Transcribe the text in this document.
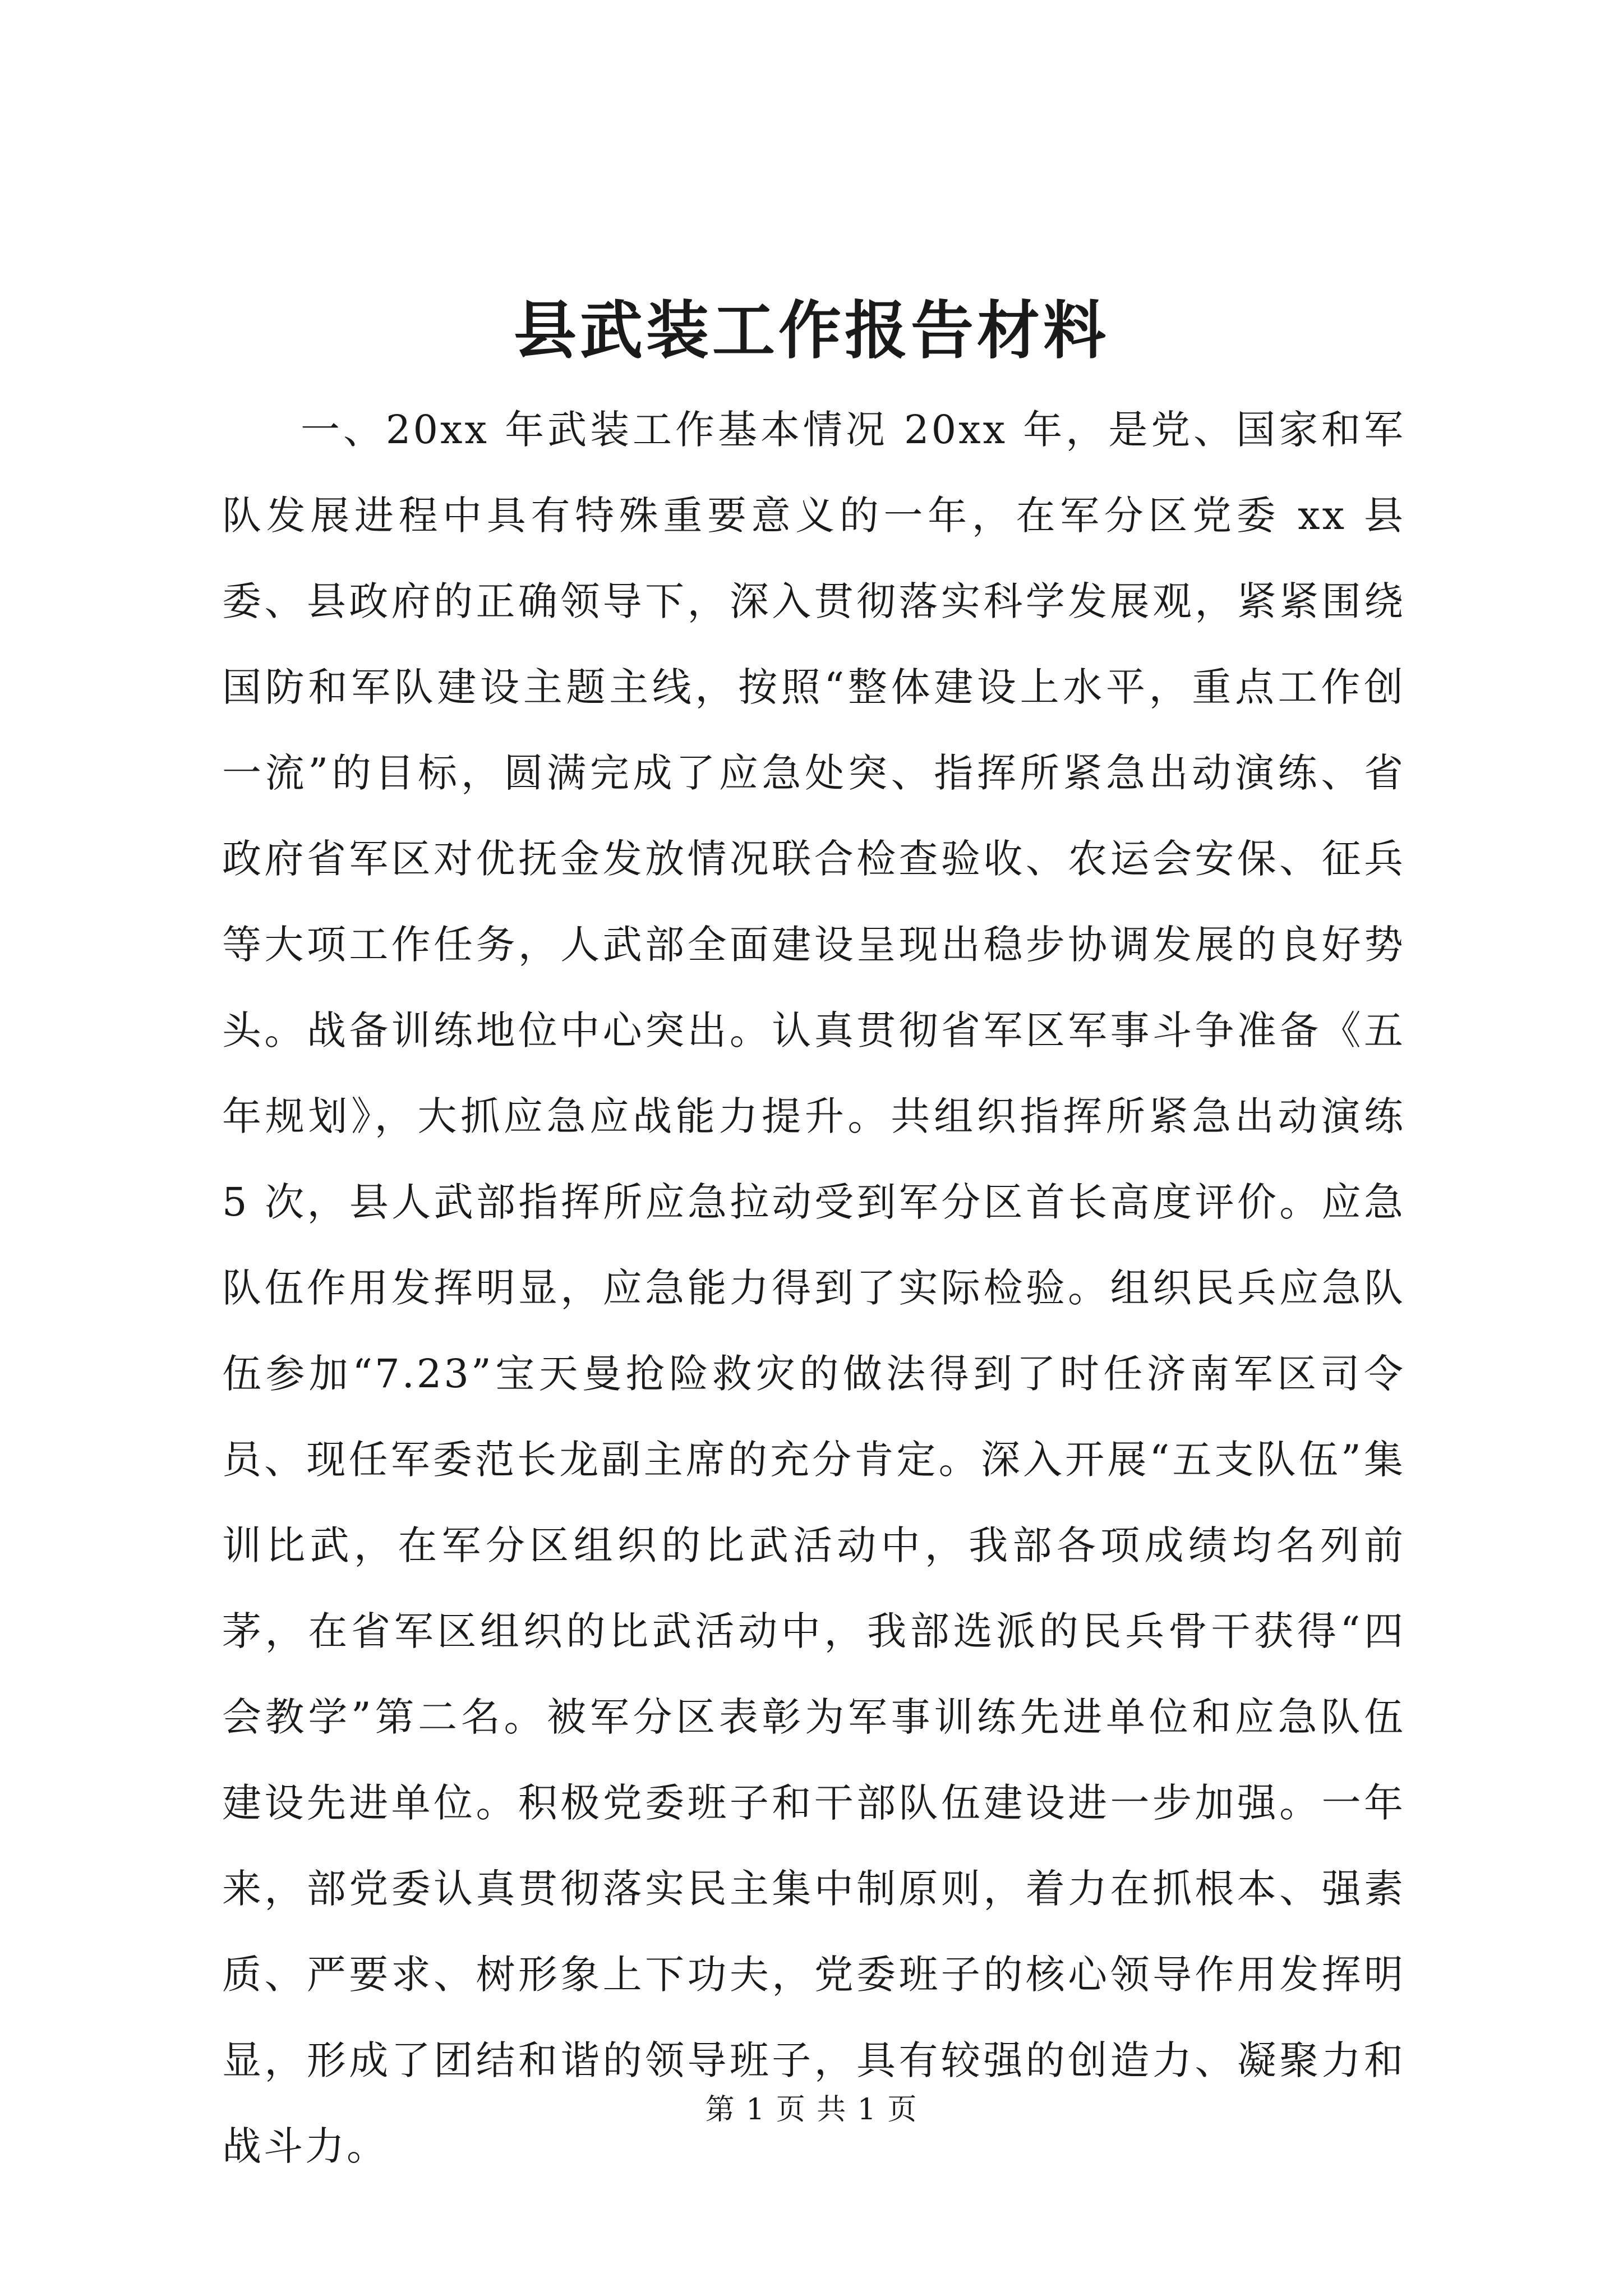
县武装工作报告材料

一、20xx 年武装工作基本情况 20xx 年，是党、国家和军队发展进程中具有特殊重要意义的一年，在军分区党委 xx 县委、县政府的正确领导下，深入贯彻落实科学发展观，紧紧围绕国防和军队建设主题主线，按照“整体建设上水平，重点工作创一流”的目标，圆满完成了应急处突、指挥所紧急出动演练、省政府省军区对优抚金发放情况联合检查验收、农运会安保、征兵等大项工作任务，人武部全面建设呈现出稳步协调发展的良好势头。战备训练地位中心突出。认真贯彻省军区军事斗争准备《五年规划》，大抓应急应战能力提升。共组织指挥所紧急出动演练 5 次，县人武部指挥所应急拉动受到军分区首长高度评价。应急队伍作用发挥明显，应急能力得到了实际检验。组织民兵应急队伍参加“7.23”宝天曼抢险救灾的做法得到了时任济南军区司令员、现任军委范长龙副主席的充分肯定。深入开展“五支队伍”集训比武，在军分区组织的比武活动中，我部各项成绩均名列前茅，在省军区组织的比武活动中，我部选派的民兵骨干获得“四会教学”第二名。被军分区表彰为军事训练先进单位和应急队伍建设先进单位。积极党委班子和干部队伍建设进一步加强。一年来，部党委认真贯彻落实民主集中制原则，着力在抓根本、强素质、严要求、树形象上下功夫，党委班子的核心领导作用发挥明显，形成了团结和谐的领导班子，具有较强的创造力、凝聚力和战斗力。

第 1 页 共 1 页
